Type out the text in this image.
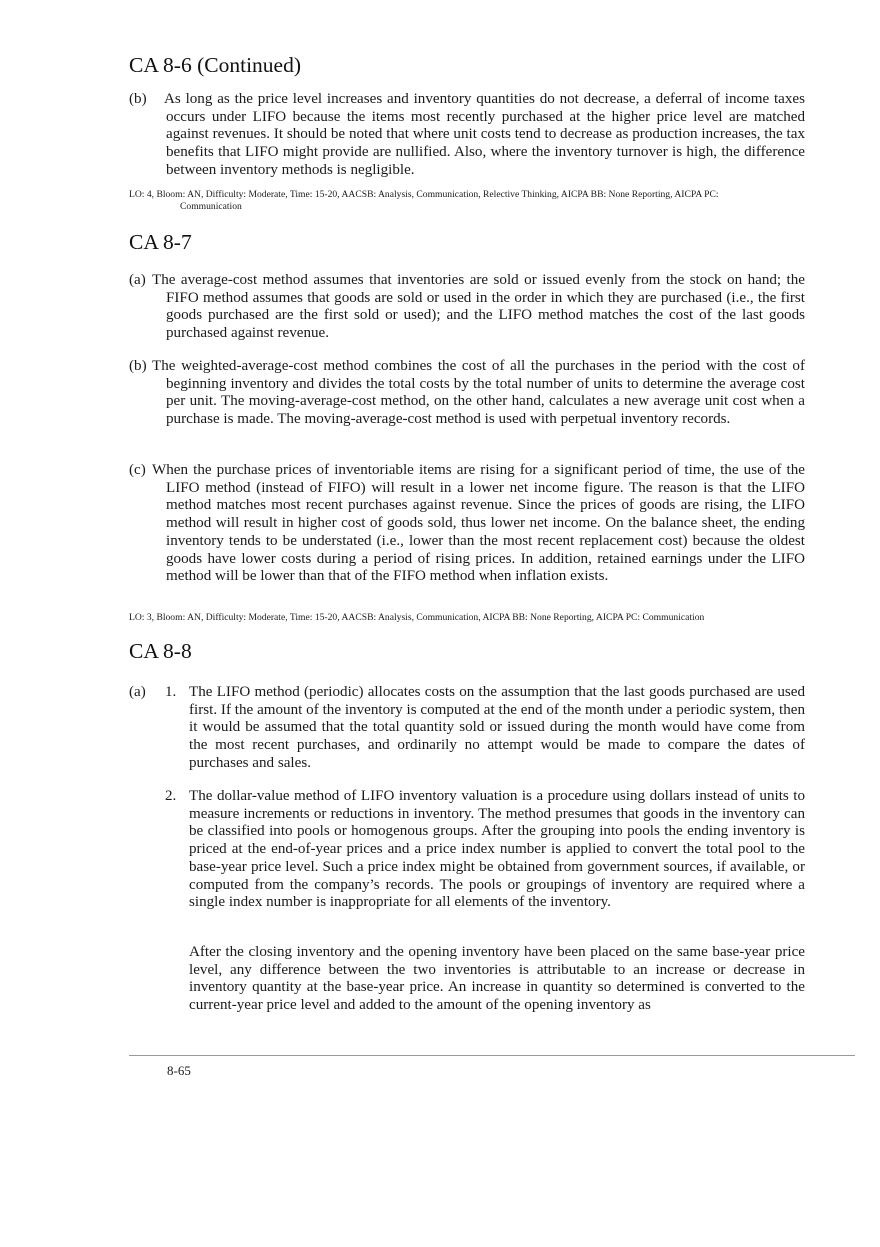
CA 8-6 (Continued)
(b)	As long as the price level increases and inventory quantities do not decrease, a deferral of income taxes occurs under LIFO because the items most recently purchased at the higher price level are matched against revenues. It should be noted that where unit costs tend to decrease as production increases, the tax benefits that LIFO might provide are nullified. Also, where the inventory turnover is high, the difference between inventory methods is negligible.
LO: 4, Bloom: AN, Difficulty: Moderate, Time: 15-20, AACSB: Analysis, Communication, Relective Thinking, AICPA BB: None Reporting, AICPA PC:
Communication
CA 8-7
(a) The average-cost method assumes that inventories are sold or issued evenly from the stock on hand; the FIFO method assumes that goods are sold or used in the order in which they are purchased (i.e., the first goods purchased are the first sold or used); and the LIFO method matches the cost of the last goods purchased against revenue.
(b) The weighted-average-cost method combines the cost of all the purchases in the period with the cost of beginning inventory and divides the total costs by the total number of units to determine the average cost per unit. The moving-average-cost method, on the other hand, calculates a new average unit cost when a purchase is made. The moving-average-cost method is used with perpetual inventory records.
(c) When the purchase prices of inventoriable items are rising for a significant period of time, the use of the LIFO method (instead of FIFO) will result in a lower net income figure. The reason is that the LIFO method matches most recent purchases against revenue. Since the prices of goods are rising, the LIFO method will result in higher cost of goods sold, thus lower net income. On the balance sheet, the ending inventory tends to be understated (i.e., lower than the most recent replacement cost) because the oldest goods have lower costs during a period of rising prices. In addition, retained earnings under the LIFO method will be lower than that of the FIFO method when inflation exists.
LO: 3, Bloom: AN, Difficulty: Moderate, Time: 15-20, AACSB: Analysis, Communication, AICPA BB: None Reporting, AICPA PC: Communication
CA 8-8
(a)	1. The LIFO method (periodic) allocates costs on the assumption that the last goods purchased are used first. If the amount of the inventory is computed at the end of the month under a periodic system, then it would be assumed that the total quantity sold or issued during the month would have come from the most recent purchases, and ordinarily no attempt would be made to compare the dates of purchases and sales.
2. The dollar-value method of LIFO inventory valuation is a procedure using dollars instead of units to measure increments or reductions in inventory. The method presumes that goods in the inventory can be classified into pools or homogenous groups. After the grouping into pools the ending inventory is priced at the end-of-year prices and a price index number is applied to convert the total pool to the base-year price level. Such a price index might be obtained from government sources, if available, or computed from the company’s records. The pools or groupings of inventory are required where a single index number is inappropriate for all elements of the inventory.
After the closing inventory and the opening inventory have been placed on the same base-year price level, any difference between the two inventories is attributable to an increase or decrease in inventory quantity at the base-year price. An increase in quantity so determined is converted to the current-year price level and added to the amount of the opening inventory as
8-65
